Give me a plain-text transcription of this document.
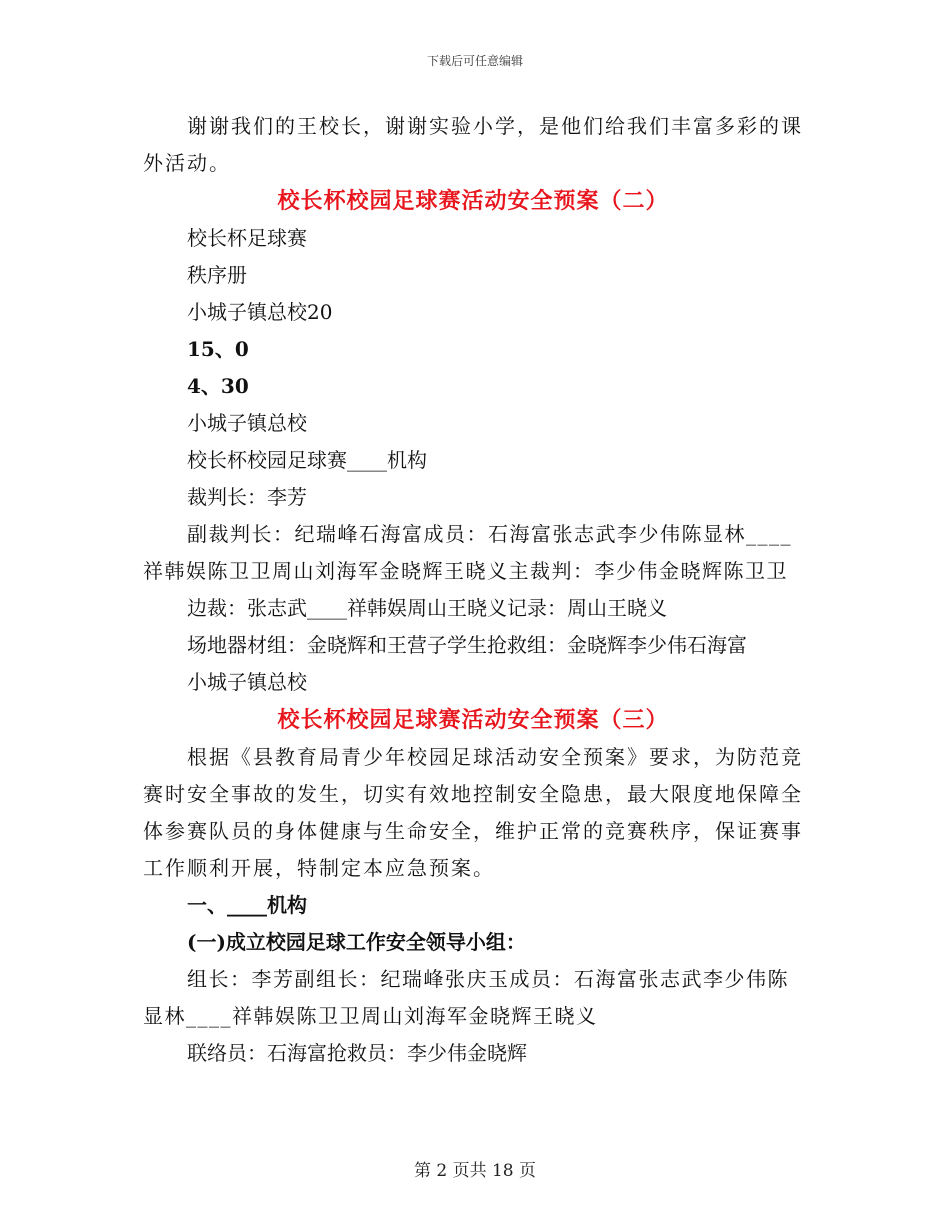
下载后可任意编辑

谢谢我们的王校长，谢谢实验小学，是他们给我们丰富多彩的课外活动。

校长杯校园足球赛活动安全预案（二）

校长杯足球赛

秩序册

小城子镇总校20

15、0

4、30

小城子镇总校

校长杯校园足球赛____机构

裁判长：李芳

副裁判长：纪瑞峰石海富成员：石海富张志武李少伟陈显林____祥韩娱陈卫卫周山刘海军金晓辉王晓义主裁判：李少伟金晓辉陈卫卫

边裁：张志武____祥韩娱周山王晓义记录：周山王晓义

场地器材组：金晓辉和王营子学生抢救组：金晓辉李少伟石海富

小城子镇总校

校长杯校园足球赛活动安全预案（三）

根据《县教育局青少年校园足球活动安全预案》要求，为防范竞赛时安全事故的发生，切实有效地控制安全隐患，最大限度地保障全体参赛队员的身体健康与生命安全，维护正常的竞赛秩序，保证赛事工作顺利开展，特制定本应急预案。

一、____机构

(一)成立校园足球工作安全领导小组：

组长：李芳副组长：纪瑞峰张庆玉成员：石海富张志武李少伟陈显林____祥韩娱陈卫卫周山刘海军金晓辉王晓义

联络员：石海富抢救员：李少伟金晓辉

第 2 页共 18 页
